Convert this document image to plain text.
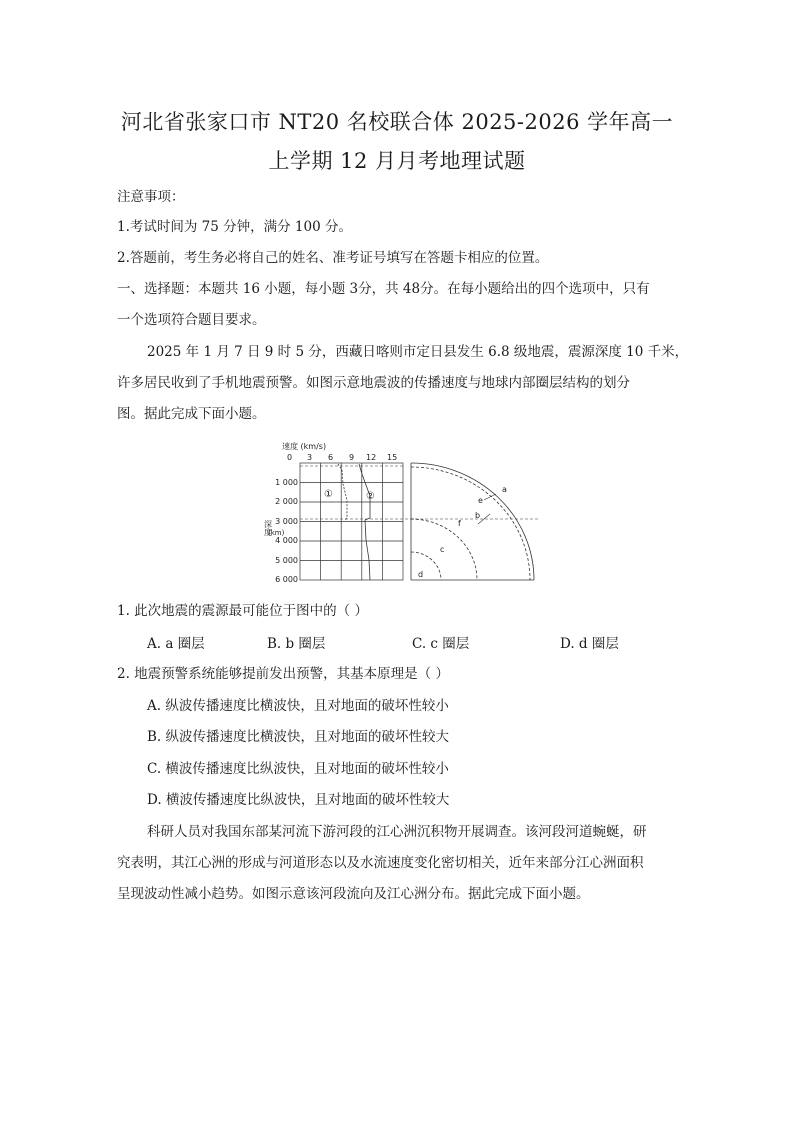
河北省张家口市 NT20 名校联合体 2025-2026 学年高一
上学期 12 月月考地理试题
注意事项：
1.考试时间为 75 分钟，满分 100 分。
2.答题前，考生务必将自己的姓名、准考证号填写在答题卡相应的位置。
一、选择题：本题共 16 小题，每小题 3分，共 48分。在每小题给出的四个选项中，只有
一个选项符合题目要求。
2025 年 1 月 7 日 9 时 5 分，西藏日喀则市定日县发生 6.8 级地震，震源深度 10 千米，
许多居民收到了手机地震预警。如图示意地震波的传播速度与地球内部圈层结构的划分
图。据此完成下面小题。
速度 (km/s)
0 3 6 9 12 15
1 000
2 000
3 000
4 000
5 000
6 000
深度
(km)
①	②
a
b
c
d
e
f
1. 此次地震的震源最可能位于图中的（ ）
A. a 圈层	B. b 圈层	C. c 圈层	D. d 圈层
2. 地震预警系统能够提前发出预警，其基本原理是（ ）
A. 纵波传播速度比横波快，且对地面的破坏性较小
B. 纵波传播速度比横波快，且对地面的破坏性较大
C. 横波传播速度比纵波快，且对地面的破坏性较小
D. 横波传播速度比纵波快，且对地面的破坏性较大
科研人员对我国东部某河流下游河段的江心洲沉积物开展调查。该河段河道蜿蜒，研
究表明，其江心洲的形成与河道形态以及水流速度变化密切相关，近年来部分江心洲面积
呈现波动性减小趋势。如图示意该河段流向及江心洲分布。据此完成下面小题。
